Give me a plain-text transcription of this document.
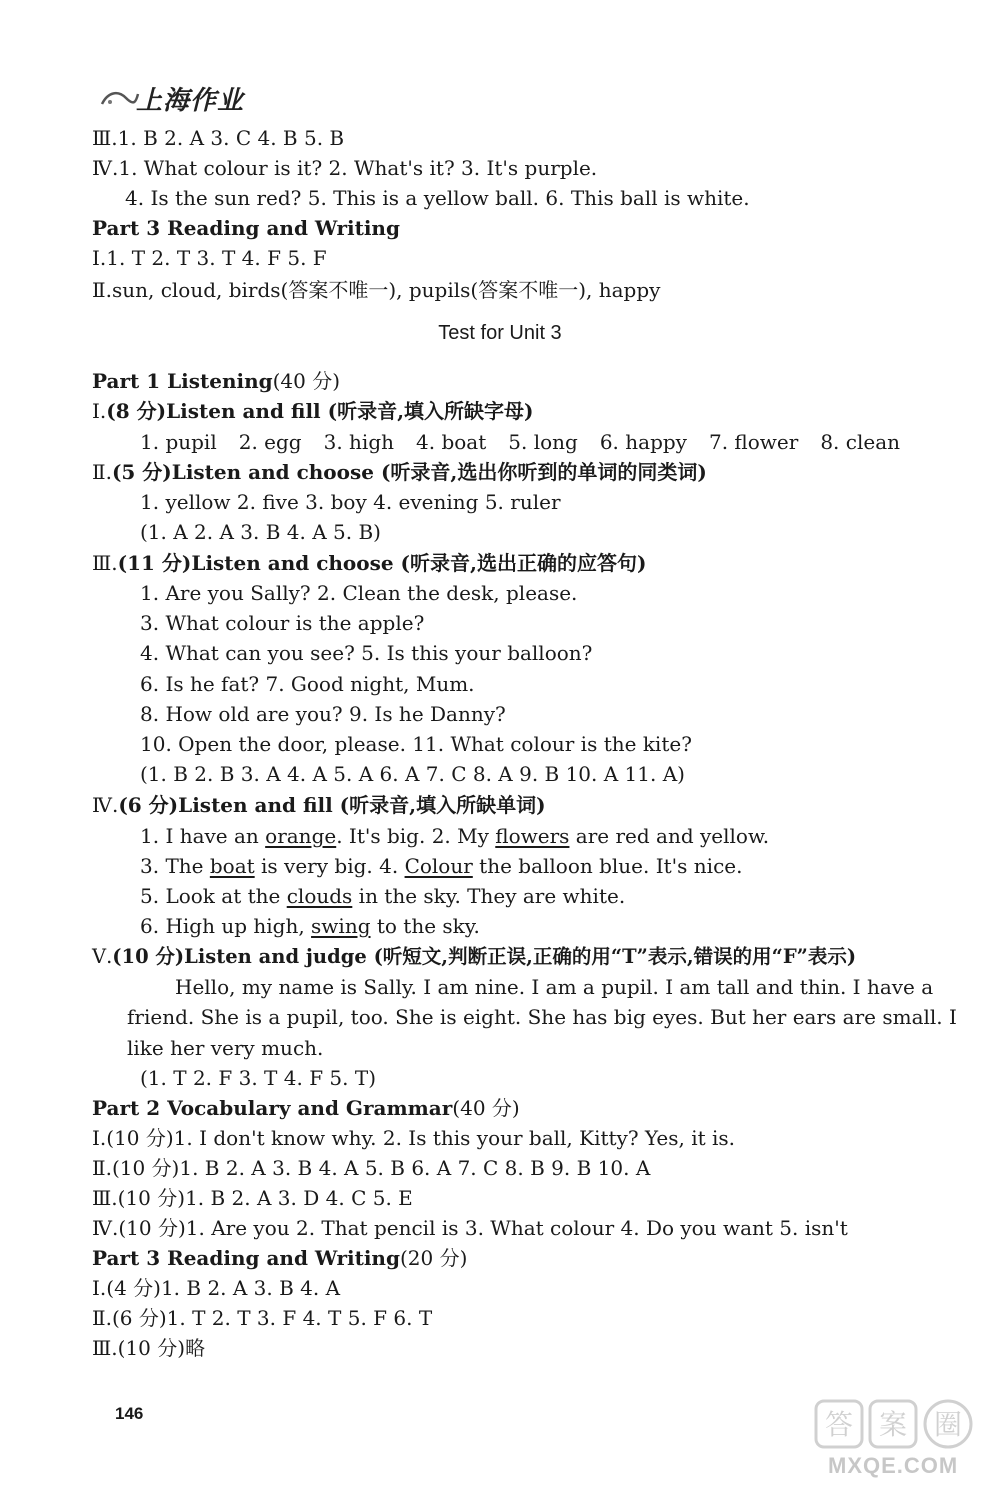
上海作业
Ⅲ.1. B 2. A 3. C 4. B 5. B
Ⅳ.1. What colour is it? 2. What's it? 3. It's purple.
4. Is the sun red? 5. This is a yellow ball. 6. This ball is white.
Part 3 Reading and Writing
Ⅰ.1. T 2. T 3. T 4. F 5. F
Ⅱ.sun, cloud, birds(答案不唯一), pupils(答案不唯一), happy
Test for Unit 3
Part 1 Listening(40 分)
Ⅰ.(8 分)Listen and fill (听录音,填入所缺字母)
1. pupil 2. egg 3. high 4. boat 5. long 6. happy 7. flower 8. clean
Ⅱ.(5 分)Listen and choose (听录音,选出你听到的单词的同类词)
1. yellow 2. five 3. boy 4. evening 5. ruler
(1. A 2. A 3. B 4. A 5. B)
Ⅲ.(11 分)Listen and choose (听录音,选出正确的应答句)
1. Are you Sally? 2. Clean the desk, please.
3. What colour is the apple?
4. What can you see? 5. Is this your balloon?
6. Is he fat? 7. Good night, Mum.
8. How old are you? 9. Is he Danny?
10. Open the door, please. 11. What colour is the kite?
(1. B 2. B 3. A 4. A 5. A 6. A 7. C 8. A 9. B 10. A 11. A)
Ⅳ.(6 分)Listen and fill (听录音,填入所缺单词)
1. I have an orange. It's big. 2. My flowers are red and yellow.
3. The boat is very big. 4. Colour the balloon blue. It's nice.
5. Look at the clouds in the sky. They are white.
6. High up high, swing to the sky.
Ⅴ.(10 分)Listen and judge (听短文,判断正误,正确的用“T”表示,错误的用“F”表示)
Hello, my name is Sally. I am nine. I am a pupil. I am tall and thin. I have a
friend. She is a pupil, too. She is eight. She has big eyes. But her ears are small. I
like her very much.
(1. T 2. F 3. T 4. F 5. T)
Part 2 Vocabulary and Grammar(40 分)
Ⅰ.(10 分)1. I don't know why. 2. Is this your ball, Kitty? Yes, it is.
Ⅱ.(10 分)1. B 2. A 3. B 4. A 5. B 6. A 7. C 8. B 9. B 10. A
Ⅲ.(10 分)1. B 2. A 3. D 4. C 5. E
Ⅳ.(10 分)1. Are you 2. That pencil is 3. What colour 4. Do you want 5. isn't
Part 3 Reading and Writing(20 分)
Ⅰ.(4 分)1. B 2. A 3. B 4. A
Ⅱ.(6 分)1. T 2. T 3. F 4. T 5. F 6. T
Ⅲ.(10 分)略
146	答 案 圈
MXQE.COM
